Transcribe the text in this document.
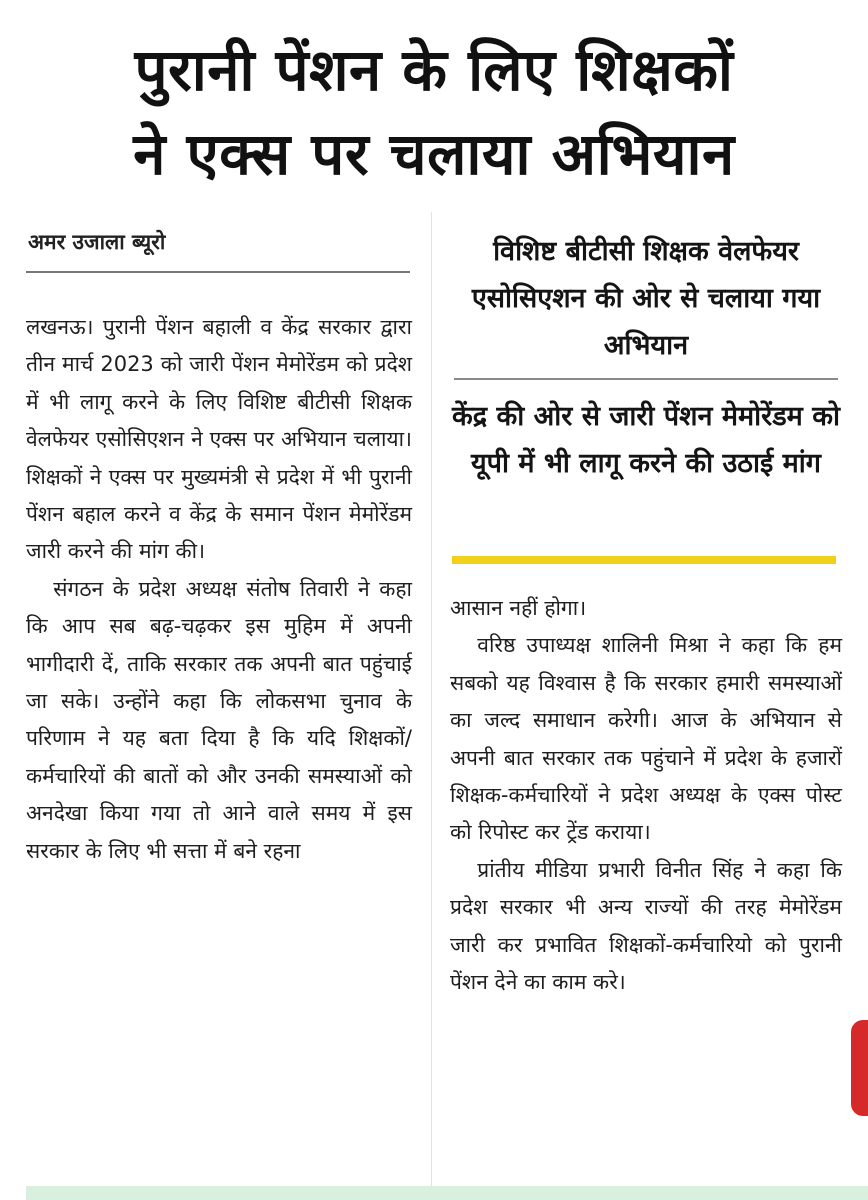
पुरानी पेंशन के लिए शिक्षकों
ने एक्स पर चलाया अभियान
अमर उजाला ब्यूरो

लखनऊ। पुरानी पेंशन बहाली व केंद्र सरकार द्वारा तीन मार्च 2023 को जारी पेंशन मेमोरेंडम को प्रदेश में भी लागू करने के लिए विशिष्ट बीटीसी शिक्षक वेलफेयर एसोसिएशन ने एक्स पर अभियान चलाया। शिक्षकों ने एक्स पर मुख्यमंत्री से प्रदेश में भी पुरानी पेंशन बहाल करने व केंद्र के समान पेंशन मेमोरेंडम जारी करने की मांग की।

संगठन के प्रदेश अध्यक्ष संतोष तिवारी ने कहा कि आप सब बढ़-चढ़कर इस मुहिम में अपनी भागीदारी दें, ताकि सरकार तक अपनी बात पहुंचाई जा सके। उन्होंने कहा कि लोकसभा चुनाव के परिणाम ने यह बता दिया है कि यदि शिक्षकों/कर्मचारियों की बातों को और उनकी समस्याओं को अनदेखा किया गया तो आने वाले समय में इस सरकार के लिए भी सत्ता में बने रहना

विशिष्ट बीटीसी शिक्षक वेलफेयर एसोसिएशन की ओर से चलाया गया अभियान
केंद्र की ओर से जारी पेंशन मेमोरेंडम को यूपी में भी लागू करने की उठाई मांग

आसान नहीं होगा।

वरिष्ठ उपाध्यक्ष शालिनी मिश्रा ने कहा कि हम सबको यह विश्वास है कि सरकार हमारी समस्याओं का जल्द समाधान करेगी। आज के अभियान से अपनी बात सरकार तक पहुंचाने में प्रदेश के हजारों शिक्षक-कर्मचारियों ने प्रदेश अध्यक्ष के एक्स पोस्ट को रिपोस्ट कर ट्रेंड कराया।

प्रांतीय मीडिया प्रभारी विनीत सिंह ने कहा कि प्रदेश सरकार भी अन्य राज्यों की तरह मेमोरेंडम जारी कर प्रभावित शिक्षकों-कर्मचारियो को पुरानी पेंशन देने का काम करे।
